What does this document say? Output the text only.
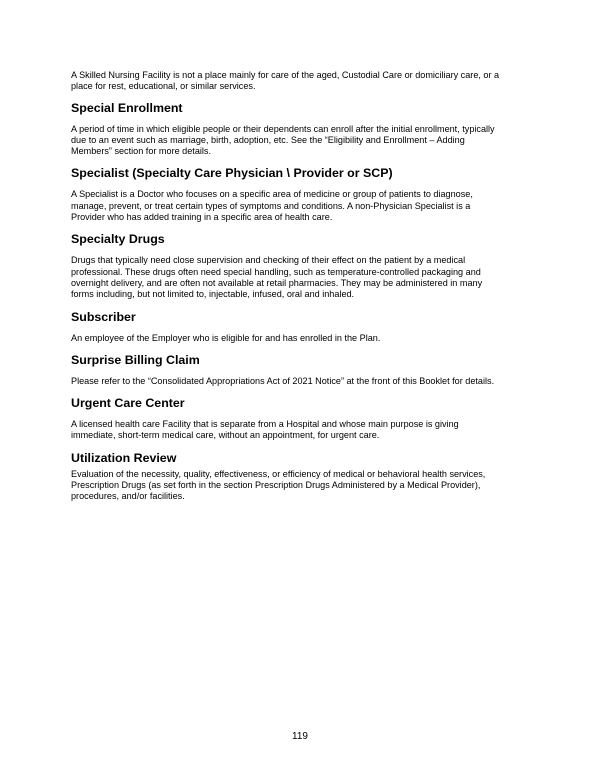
A Skilled Nursing Facility is not a place mainly for care of the aged, Custodial Care or domiciliary care, or a
place for rest, educational, or similar services.

Special Enrollment

A period of time in which eligible people or their dependents can enroll after the initial enrollment, typically
due to an event such as marriage, birth, adoption, etc. See the “Eligibility and Enrollment – Adding
Members” section for more details.

Specialist (Specialty Care Physician \ Provider or SCP)

A Specialist is a Doctor who focuses on a specific area of medicine or group of patients to diagnose,
manage, prevent, or treat certain types of symptoms and conditions. A non-Physician Specialist is a
Provider who has added training in a specific area of health care.

Specialty Drugs

Drugs that typically need close supervision and checking of their effect on the patient by a medical
professional. These drugs often need special handling, such as temperature-controlled packaging and
overnight delivery, and are often not available at retail pharmacies. They may be administered in many
forms including, but not limited to, injectable, infused, oral and inhaled.

Subscriber

An employee of the Employer who is eligible for and has enrolled in the Plan.

Surprise Billing Claim

Please refer to the “Consolidated Appropriations Act of 2021 Notice” at the front of this Booklet for details.

Urgent Care Center

A licensed health care Facility that is separate from a Hospital and whose main purpose is giving
immediate, short-term medical care, without an appointment, for urgent care.

Utilization Review

Evaluation of the necessity, quality, effectiveness, or efficiency of medical or behavioral health services,
Prescription Drugs (as set forth in the section Prescription Drugs Administered by a Medical Provider),
procedures, and/or facilities.

119
